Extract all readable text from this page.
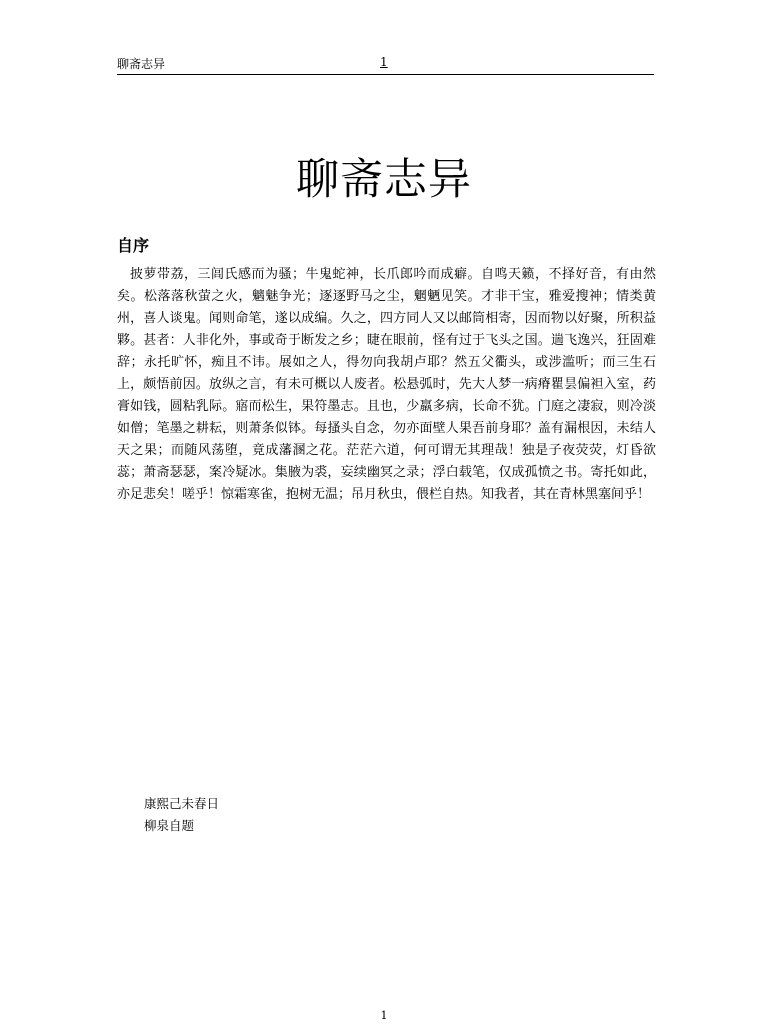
聊斋志异	1
聊斋志异
自序

披萝带荔，三闾氏感而为骚；牛鬼蛇神，长爪郎吟而成癖。自鸣天籁，不择好音，有由然矣。松落落秋萤之火，魑魅争光；逐逐野马之尘，魍魉见笑。才非干宝，雅爱搜神；情类黄州，喜人谈鬼。闻则命笔，遂以成编。久之，四方同人又以邮筒相寄，因而物以好聚，所积益夥。甚者：人非化外，事或奇于断发之乡；睫在眼前，怪有过于飞头之国。遄飞逸兴，狂固难辞；永托旷怀，痴且不讳。展如之人，得勿向我胡卢耶？然五父衢头，或涉滥听；而三生石上，颇悟前因。放纵之言，有未可概以人废者。松悬弧时，先大人梦一病瘠瞿昙偏袒入室，药膏如钱，圆粘乳际。寤而松生，果符墨志。且也，少羸多病，长命不犹。门庭之凄寂，则冷淡如僧；笔墨之耕耘，则萧条似钵。每搔头自念，勿亦面壁人果吾前身耶？盖有漏根因，未结人天之果；而随风荡堕，竟成藩溷之花。茫茫六道，何可谓无其理哉！独是子夜荧荧，灯昏欲蕊；萧斋瑟瑟，案冷疑冰。集腋为裘，妄续幽冥之录；浮白载笔，仅成孤愤之书。寄托如此，亦足悲矣！嗟乎！惊霜寒雀，抱树无温；吊月秋虫，偎栏自热。知我者，其在青林黑塞间乎！

康熙己未春日
柳泉自题
1
